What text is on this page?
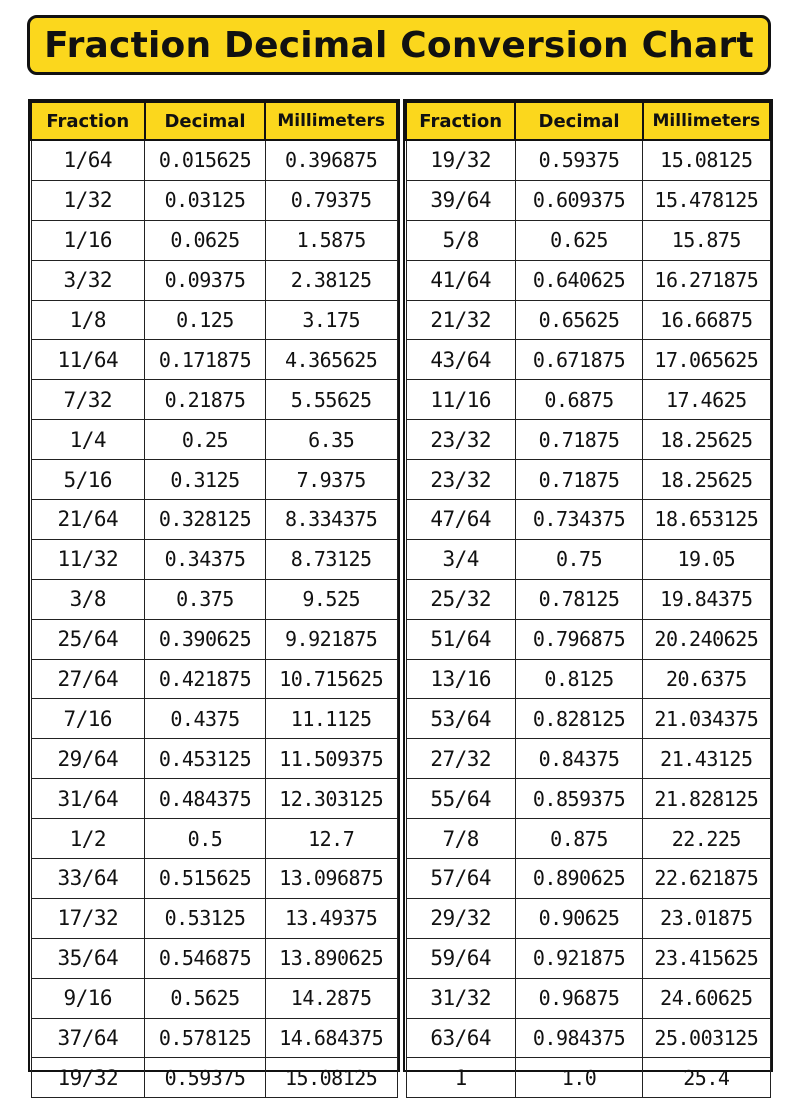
Fraction Decimal Conversion Chart
Fraction	Decimal	Millimeters
1/64	0.015625	0.396875
1/32	0.03125	0.79375
1/16	0.0625	1.5875
3/32	0.09375	2.38125
1/8	0.125	3.175
11/64	0.171875	4.365625
7/32	0.21875	5.55625
1/4	0.25	6.35
5/16	0.3125	7.9375
21/64	0.328125	8.334375
11/32	0.34375	8.73125
3/8	0.375	9.525
25/64	0.390625	9.921875
27/64	0.421875	10.715625
7/16	0.4375	11.1125
29/64	0.453125	11.509375
31/64	0.484375	12.303125
1/2	0.5	12.7
33/64	0.515625	13.096875
17/32	0.53125	13.49375
35/64	0.546875	13.890625
9/16	0.5625	14.2875
37/64	0.578125	14.684375
19/32	0.59375	15.08125
Fraction	Decimal	Millimeters
19/32	0.59375	15.08125
39/64	0.609375	15.478125
5/8	0.625	15.875
41/64	0.640625	16.271875
21/32	0.65625	16.66875
43/64	0.671875	17.065625
11/16	0.6875	17.4625
23/32	0.71875	18.25625
23/32	0.71875	18.25625
47/64	0.734375	18.653125
3/4	0.75	19.05
25/32	0.78125	19.84375
51/64	0.796875	20.240625
13/16	0.8125	20.6375
53/64	0.828125	21.034375
27/32	0.84375	21.43125
55/64	0.859375	21.828125
7/8	0.875	22.225
57/64	0.890625	22.621875
29/32	0.90625	23.01875
59/64	0.921875	23.415625
31/32	0.96875	24.60625
63/64	0.984375	25.003125
1	1.0	25.4
